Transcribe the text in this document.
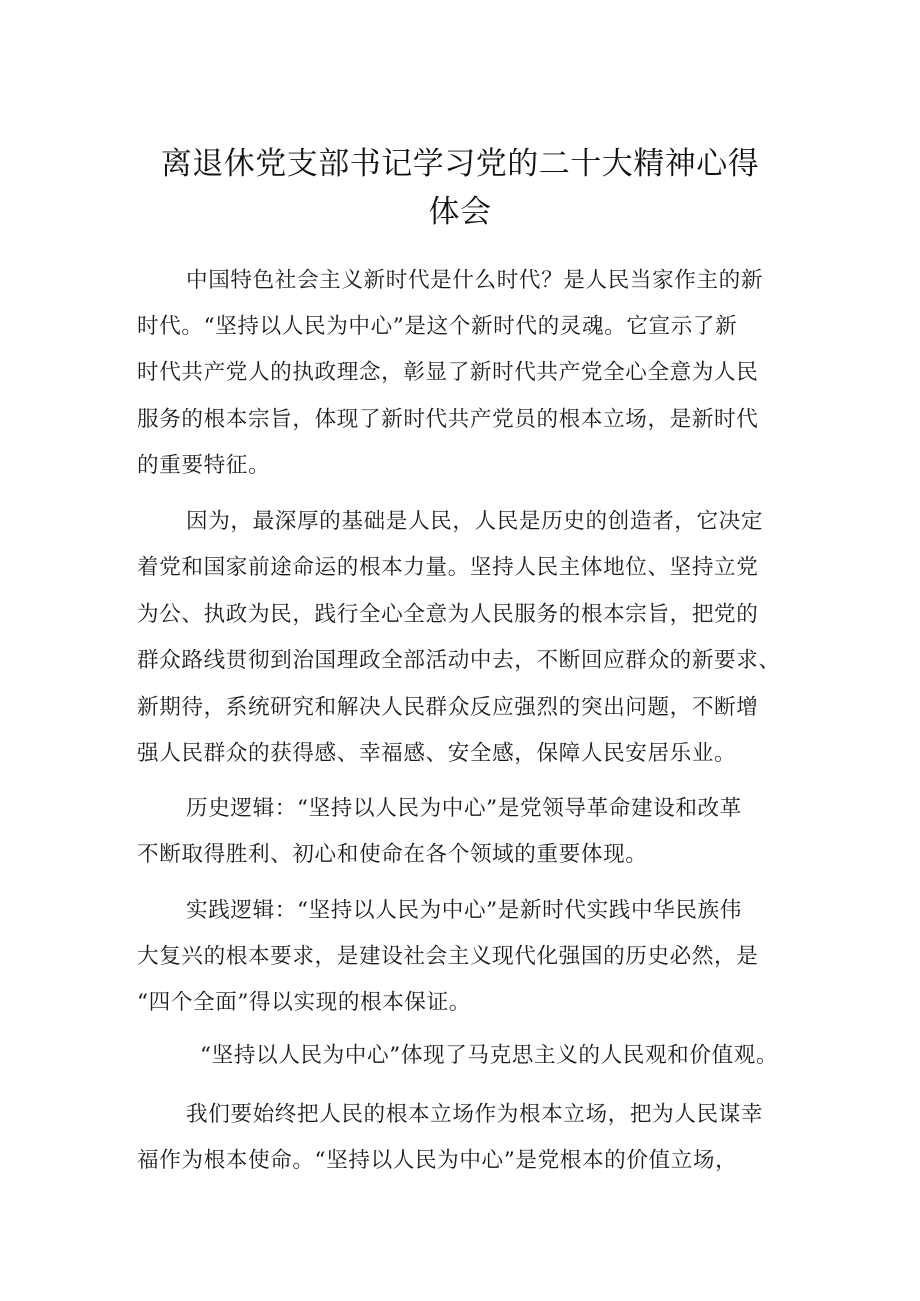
离退休党支部书记学习党的二十大精神心得
体会
中国特色社会主义新时代是什么时代？是人民当家作主的新
时代。“坚持以人民为中心”是这个新时代的灵魂。它宣示了新
时代共产党人的执政理念，彰显了新时代共产党全心全意为人民
服务的根本宗旨，体现了新时代共产党员的根本立场，是新时代
的重要特征。
因为，最深厚的基础是人民，人民是历史的创造者，它决定
着党和国家前途命运的根本力量。坚持人民主体地位、坚持立党
为公、执政为民，践行全心全意为人民服务的根本宗旨，把党的
群众路线贯彻到治国理政全部活动中去，不断回应群众的新要求、
新期待，系统研究和解决人民群众反应强烈的突出问题，不断增
强人民群众的获得感、幸福感、安全感，保障人民安居乐业。
历史逻辑：“坚持以人民为中心”是党领导革命建设和改革
不断取得胜利、初心和使命在各个领域的重要体现。
实践逻辑：“坚持以人民为中心”是新时代实践中华民族伟
大复兴的根本要求，是建设社会主义现代化强国的历史必然，是
“四个全面”得以实现的根本保证。
“坚持以人民为中心”体现了马克思主义的人民观和价值观。
我们要始终把人民的根本立场作为根本立场，把为人民谋幸
福作为根本使命。“坚持以人民为中心”是党根本的价值立场，
